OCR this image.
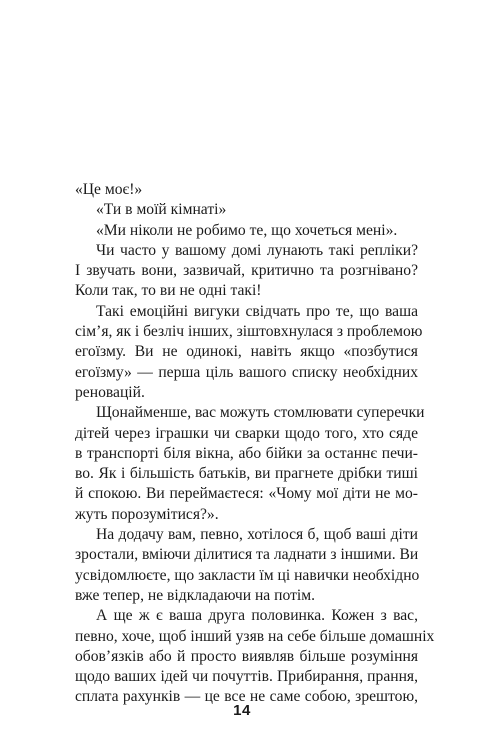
«Це моє!»
«Ти в моїй кімнаті»
«Ми ніколи не робимо те, що хочеться мені».
Чи часто у вашому домі лунають такі репліки?
І звучать вони, зазвичай, критично та розгнівано?
Коли так, то ви не одні такі!
Такі емоційні вигуки свідчать про те, що ваша
сім’я, як і безліч інших, зіштовхнулася з проблемою
егоїзму. Ви не одинокі, навіть якщо «позбутися
егоїзму» — перша ціль вашого списку необхідних
реновацій.
Щонайменше, вас можуть стомлювати суперечки
дітей через іграшки чи сварки щодо того, хто сяде
в транспорті біля вікна, або бійки за останнє печи-
во. Як і більшість батьків, ви прагнете дрібки тиші
й спокою. Ви переймаєтеся: «Чому мої діти не мо-
жуть порозумітися?».
На додачу вам, певно, хотілося б, щоб ваші діти
зростали, вміючи ділитися та ладнати з іншими. Ви
усвідомлюєте, що закласти їм ці навички необхідно
вже тепер, не відкладаючи на потім.
А ще ж є ваша друга половинка. Кожен з вас,
певно, хоче, щоб інший узяв на себе більше домашніх
обов’язків або й просто виявляв більше розуміння
щодо ваших ідей чи почуттів. Прибирання, прання,
сплата рахунків — це все не саме собою, зрештою,
14
